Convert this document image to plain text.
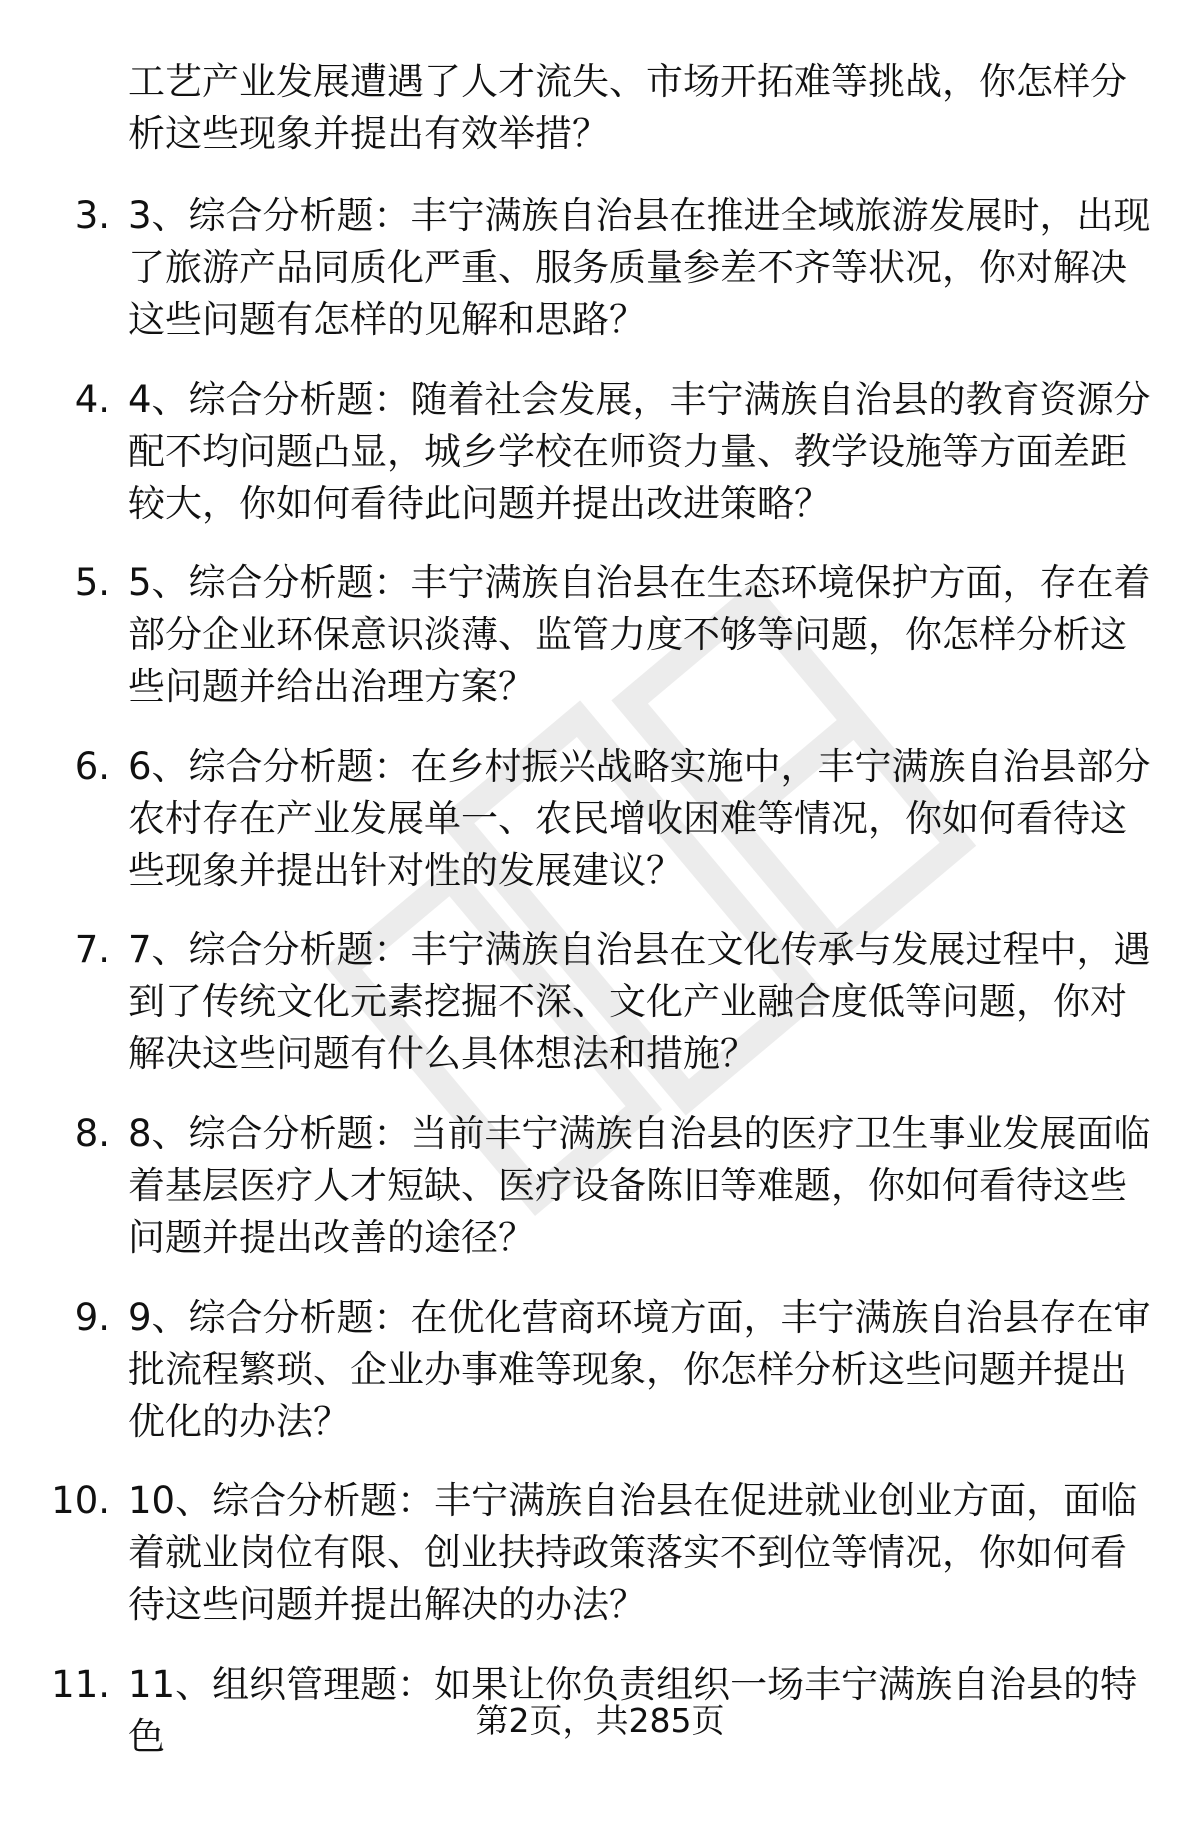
工艺产业发展遭遇了人才流失、市场开拓难等挑战，你怎样分析这些现象并提出有效举措？
3. 3、综合分析题：丰宁满族自治县在推进全域旅游发展时，出现了旅游产品同质化严重、服务质量参差不齐等状况，你对解决这些问题有怎样的见解和思路？
4. 4、综合分析题：随着社会发展，丰宁满族自治县的教育资源分配不均问题凸显，城乡学校在师资力量、教学设施等方面差距较大，你如何看待此问题并提出改进策略？
5. 5、综合分析题：丰宁满族自治县在生态环境保护方面，存在着部分企业环保意识淡薄、监管力度不够等问题，你怎样分析这些问题并给出治理方案？
6. 6、综合分析题：在乡村振兴战略实施中，丰宁满族自治县部分农村存在产业发展单一、农民增收困难等情况，你如何看待这些现象并提出针对性的发展建议？
7. 7、综合分析题：丰宁满族自治县在文化传承与发展过程中，遇到了传统文化元素挖掘不深、文化产业融合度低等问题，你对解决这些问题有什么具体想法和措施？
8. 8、综合分析题：当前丰宁满族自治县的医疗卫生事业发展面临着基层医疗人才短缺、医疗设备陈旧等难题，你如何看待这些问题并提出改善的途径？
9. 9、综合分析题：在优化营商环境方面，丰宁满族自治县存在审批流程繁琐、企业办事难等现象，你怎样分析这些问题并提出优化的办法？
10. 10、综合分析题：丰宁满族自治县在促进就业创业方面，面临着就业岗位有限、创业扶持政策落实不到位等情况，你如何看待这些问题并提出解决的办法？
11. 11、组织管理题：如果让你负责组织一场丰宁满族自治县的特色	第2页，共285页
